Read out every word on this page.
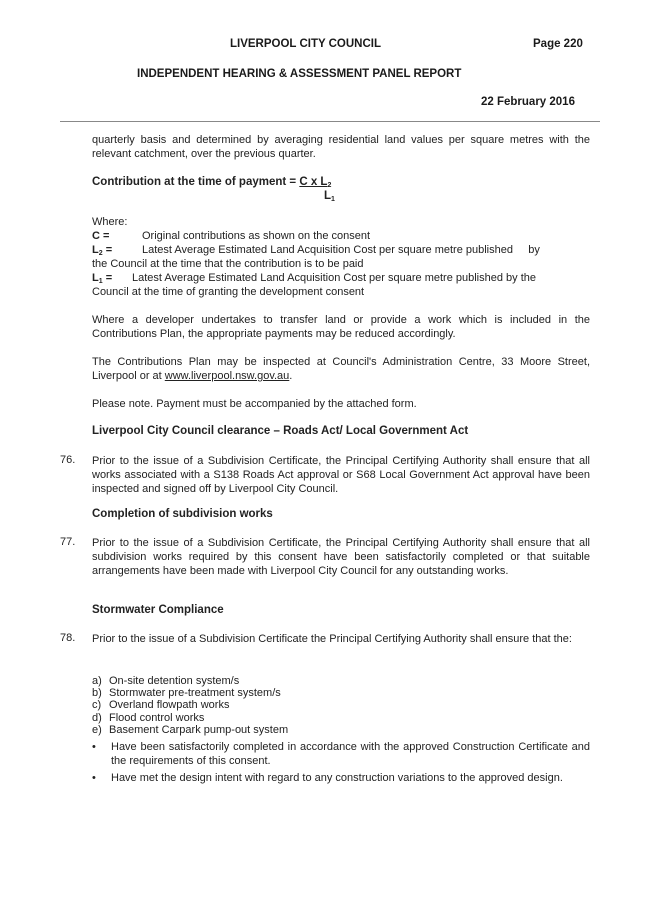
LIVERPOOL CITY COUNCIL	Page 220
INDEPENDENT HEARING & ASSESSMENT PANEL REPORT
22 February 2016
quarterly basis and determined by averaging residential land values per square metres with the relevant catchment, over the previous quarter.
Contribution at the time of payment = C x $L_2$
$L_1$
Where:
C =	Original contributions as shown on the consent
$L_2$ =	Latest Average Estimated Land Acquisition Cost per square metre published     by
the Council at the time that the contribution is to be paid
$L_1$ = Latest Average Estimated Land Acquisition Cost per square metre published by the
Council at the time of granting the development consent
Where a developer undertakes to transfer land or provide a work which is included in the Contributions Plan, the appropriate payments may be reduced accordingly.
The Contributions Plan may be inspected at Council's Administration Centre, 33 Moore Street, Liverpool or at www.liverpool.nsw.gov.au.
Please note. Payment must be accompanied by the attached form.
Liverpool City Council clearance – Roads Act/ Local Government Act
76. Prior to the issue of a Subdivision Certificate, the Principal Certifying Authority shall ensure that all works associated with a S138 Roads Act approval or S68 Local Government Act approval have been inspected and signed off by Liverpool City Council.
Completion of subdivision works
77. Prior to the issue of a Subdivision Certificate, the Principal Certifying Authority shall ensure that all subdivision works required by this consent have been satisfactorily completed or that suitable arrangements have been made with Liverpool City Council for any outstanding works.
Stormwater Compliance
78. Prior to the issue of a Subdivision Certificate the Principal Certifying Authority shall ensure that the:
a) On-site detention system/s
b) Stormwater pre-treatment system/s
c) Overland flowpath works
d) Flood control works
e) Basement Carpark pump-out system
• Have been satisfactorily completed in accordance with the approved Construction Certificate and the requirements of this consent.
• Have met the design intent with regard to any construction variations to the approved design.
